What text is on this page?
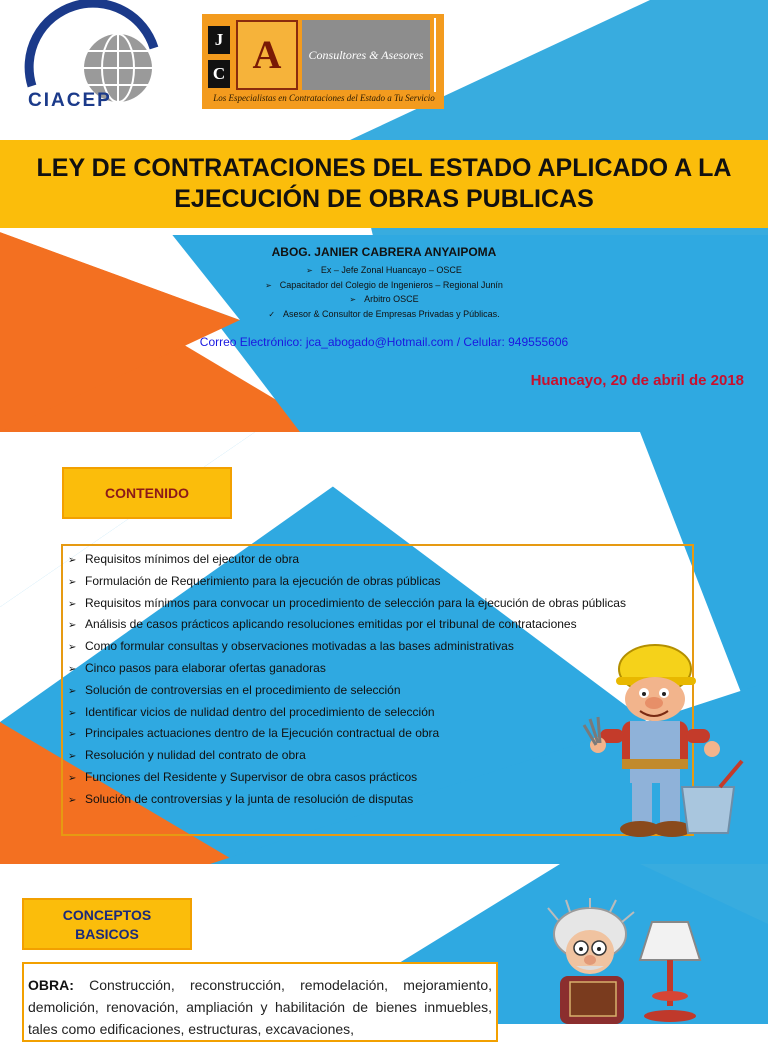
CIACEP
J
C A	Consultores & Asesores
Los Especialistas en Contrataciones del Estado a Tu Servicio
LEY DE CONTRATACIONES DEL ESTADO APLICADO A LA
EJECUCIÓN DE OBRAS PUBLICAS
ABOG. JANIER CABRERA ANYAIPOMA
➢ Ex – Jefe Zonal Huancayo – OSCE
➢ Capacitador del Colegio de Ingenieros – Regional Junín
➢ Arbitro OSCE
✓ Asesor & Consultor de Empresas Privadas y Públicas.
Correo Electrónico: jca_abogado@Hotmail.com / Celular: 949555606
Huancayo, 20 de abril de 2018
CONTENIDO
➢ Requisitos mínimos del ejecutor de obra
➢ Formulación de Requerimiento para la ejecución de obras públicas
➢ Requisitos mínimos para convocar un procedimiento de selección para la ejecución de obras públicas
➢ Análisis de casos prácticos aplicando resoluciones emitidas por el tribunal de contrataciones
➢ Como formular consultas y observaciones motivadas a las bases administrativas
➢ Cinco pasos para elaborar ofertas ganadoras
➢ Solución de controversias en el procedimiento de selección
➢ Identificar vicios de nulidad dentro del procedimiento de selección
➢ Principales actuaciones dentro de la Ejecución contractual de obra
➢ Resolución y nulidad del contrato de obra
➢ Funciones del Residente y Supervisor de obra casos prácticos
➢ Solución de controversias y la junta de resolución de disputas
CONCEPTOS
BASICOS
OBRA: Construcción, reconstrucción, remodelación, mejoramiento, demolición, renovación, ampliación y habilitación de bienes inmuebles, tales como edificaciones, estructuras, excavaciones,
